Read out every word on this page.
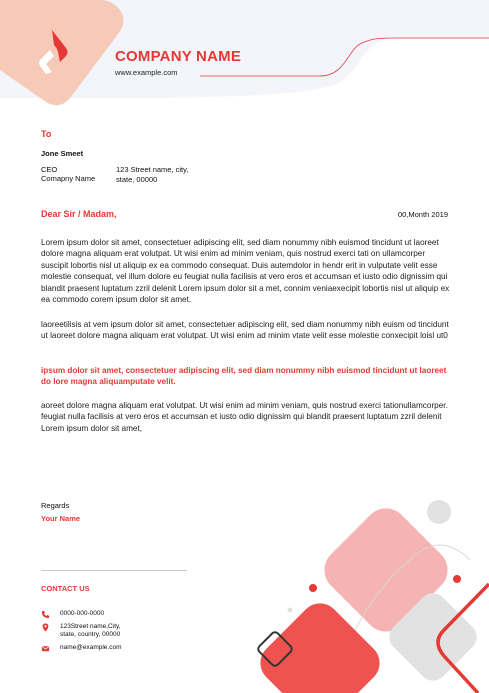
COMPANY NAME
www.example.com
To
Jone Smeet
CEO
Comapny Name
123 Street name, city,
state, 00000
Dear Sir / Madam,	00,Month 2019

Lorem ipsum dolor sit amet, consectetuer adipiscing elit, sed diam nonummy nibh euismod tincidunt ut laoreet dolore magna aliquam erat volutpat. Ut wisi enim ad minim veniam, quis nostrud exerci tati on ullamcorper suscipit lobortis nisl ut aliquip ex ea commodo consequat. Duis autemdolor in hendr erit in vulputate velit esse molestie consequat, vel illum dolore eu feugiat nulla facilisis at vero eros et accumsan et iusto odio dignissim qui blandit praesent luptatum zzril delenit Lorem ipsum dolor sit a met, connim veniaexecipit lobortis nisl ut aliquip ex ea commodo corem ipsum dolor sit amet.

laoreetilisis at vem ipsum dolor sit amet, consectetuer adipiscing elit, sed diam nonummy nibh euism od tincidunt ut laoreet dolore magna aliquam erat volutpat. Ut wisi enim ad minim vtate velit esse molestie conxecipit loisl ut0

ipsum dolor sit amet, consectetuer adipiscing elit, sed diam nonummy nibh euismod tincidunt ut laoreet do lore magna aliquamputate velit.

aoreet dolore magna aliquam erat volutpat. Ut wisi enim ad minim veniam, quis nostrud exerci tationullamcorper. feugiat nulla facilisis at vero eros et accumsan et iusto odio dignissim qui blandit praesent luptatum zzril delenit Lorem ipsum dolor sit amet,

Regards
Your Name
CONTACT US
0000-000-0000
123Street name,City,
state, country, 00000
name@example.com
